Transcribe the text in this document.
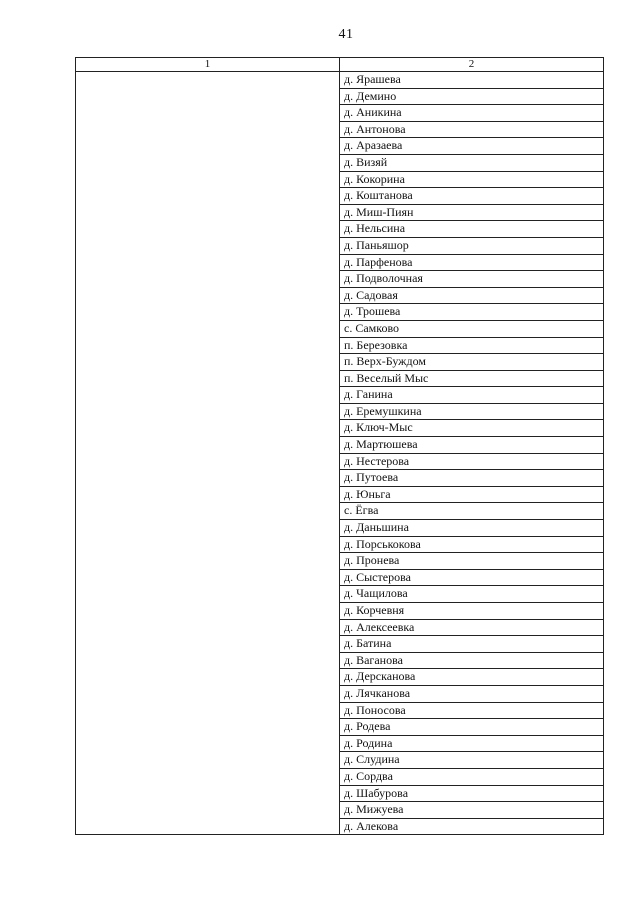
41
1	2
	д. Ярашева
	д. Демино
	д. Аникина
	д. Антонова
	д. Аразаева
	д. Визяй
	д. Кокорина
	д. Коштанова
	д. Миш-Пиян
	д. Нельсина
	д. Паньяшор
	д. Парфенова
	д. Подволочная
	д. Садовая
	д. Трошева
	с. Самково
	п. Березовка
	п. Верх-Буждом
	п. Веселый Мыс
	д. Ганина
	д. Еремушкина
	д. Ключ-Мыс
	д. Мартюшева
	д. Нестерова
	д. Путоева
	д. Юньга
	с. Ёгва
	д. Даньшина
	д. Порськокова
	д. Пронева
	д. Сыстерова
	д. Чащилова
	д. Корчевня
	д. Алексеевка
	д. Батина
	д. Ваганова
	д. Дерсканова
	д. Лячканова
	д. Поносова
	д. Родева
	д. Родина
	д. Слудина
	д. Сордва
	д. Шабурова
	д. Мижуева
	д. Алекова
